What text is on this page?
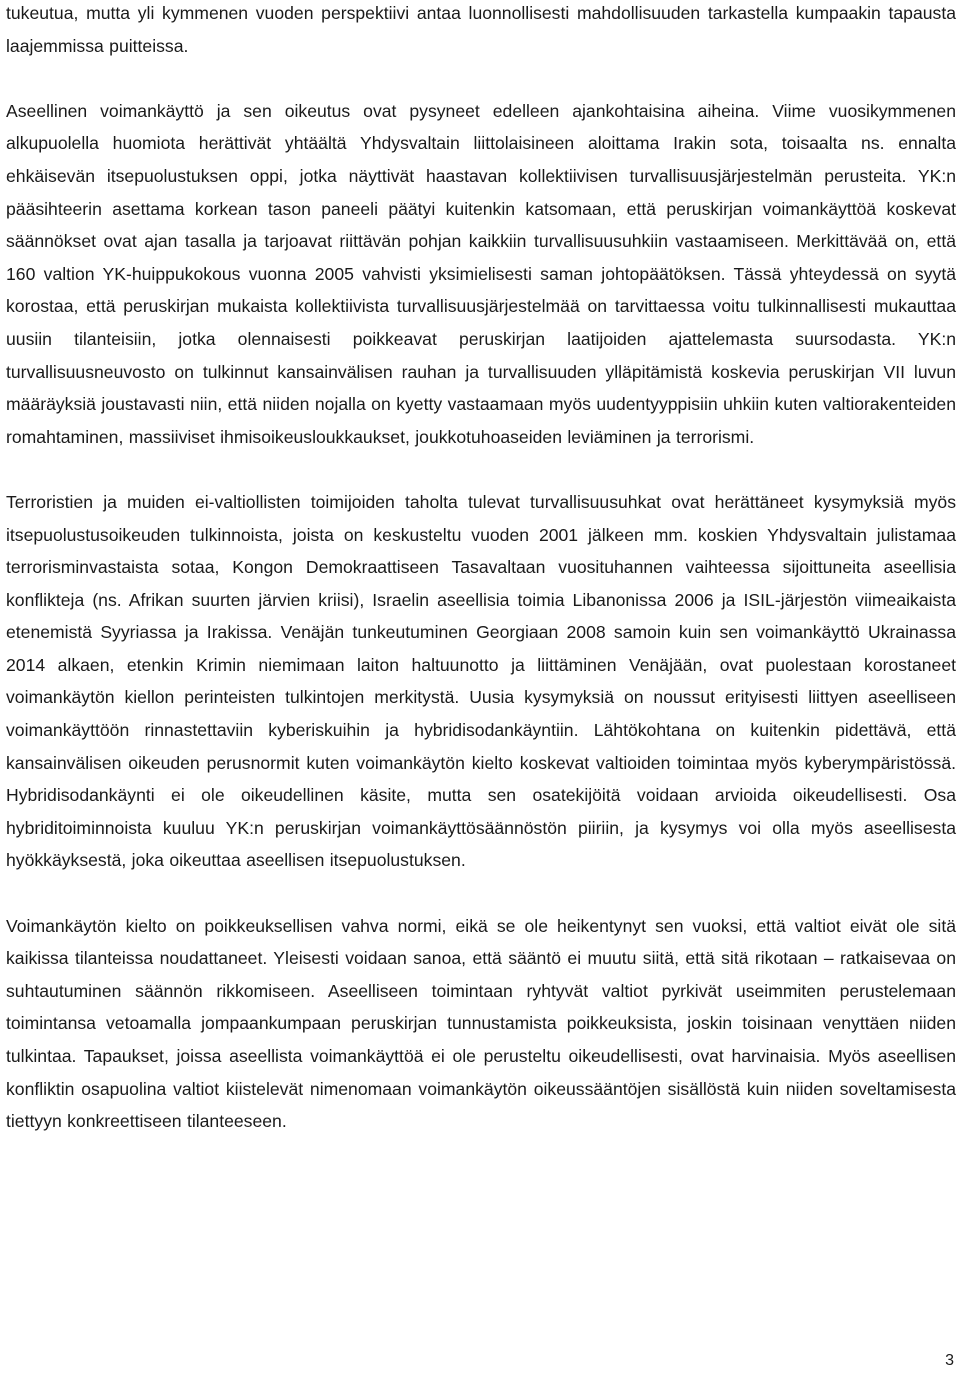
tukeutua, mutta yli kymmenen vuoden perspektiivi antaa luonnollisesti mahdollisuuden tarkastella kumpaakin tapausta laajemmissa puitteissa.

Aseellinen voimankäyttö ja sen oikeutus ovat pysyneet edelleen ajankohtaisina aiheina. Viime vuosikymmenen alkupuolella huomiota herättivät yhtäältä Yhdysvaltain liittolaisineen aloittama Irakin sota, toisaalta ns. ennalta ehkäisevän itsepuolustuksen oppi, jotka näyttivät haastavan kollektiivisen turvallisuusjärjestelmän perusteita. YK:n pääsihteerin asettama korkean tason paneeli päätyi kuitenkin katsomaan, että peruskirjan voimankäyttöä koskevat säännökset ovat ajan tasalla ja tarjoavat riittävän pohjan kaikkiin turvallisuusuhkiin vastaamiseen. Merkittävää on, että 160 valtion YK-huippukokous vuonna 2005 vahvisti yksimielisesti saman johtopäätöksen. Tässä yhteydessä on syytä korostaa, että peruskirjan mukaista kollektiivista turvallisuusjärjestelmää on tarvittaessa voitu tulkinnallisesti mukauttaa uusiin tilanteisiin, jotka olennaisesti poikkeavat peruskirjan laatijoiden ajattelemasta suursodasta. YK:n turvallisuusneuvosto on tulkinnut kansainvälisen rauhan ja turvallisuuden ylläpitämistä koskevia peruskirjan VII luvun määräyksiä joustavasti niin, että niiden nojalla on kyetty vastaamaan myös uudentyyppisiin uhkiin kuten valtiorakenteiden romahtaminen, massiiviset ihmisoikeusloukkaukset, joukkotuhoaseiden leviäminen ja terrorismi.

Terroristien ja muiden ei-valtiollisten toimijoiden taholta tulevat turvallisuusuhkat ovat herättäneet kysymyksiä myös itsepuolustusoikeuden tulkinnoista, joista on keskusteltu vuoden 2001 jälkeen mm. koskien Yhdysvaltain julistamaa terrorisminvastaista sotaa, Kongon Demokraattiseen Tasavaltaan vuosituhannen vaihteessa sijoittuneita aseellisia konflikteja (ns. Afrikan suurten järvien kriisi), Israelin aseellisia toimia Libanonissa 2006 ja ISIL-järjestön viimeaikaista etenemistä Syyriassa ja Irakissa. Venäjän tunkeutuminen Georgiaan 2008 samoin kuin sen voimankäyttö Ukrainassa 2014 alkaen, etenkin Krimin niemimaan laiton haltuunotto ja liittäminen Venäjään, ovat puolestaan korostaneet voimankäytön kiellon perinteisten tulkintojen merkitystä. Uusia kysymyksiä on noussut erityisesti liittyen aseelliseen voimankäyttöön rinnastettaviin kyberiskuihin ja hybridisodankäyntiin. Lähtökohtana on kuitenkin pidettävä, että kansainvälisen oikeuden perusnormit kuten voimankäytön kielto koskevat valtioiden toimintaa myös kyberympäristössä. Hybridisodankäynti ei ole oikeudellinen käsite, mutta sen osatekijöitä voidaan arvioida oikeudellisesti. Osa hybriditoiminnoista kuuluu YK:n peruskirjan voimankäyttösäännöstön piiriin, ja kysymys voi olla myös aseellisesta hyökkäyksestä, joka oikeuttaa aseellisen itsepuolustuksen.

Voimankäytön kielto on poikkeuksellisen vahva normi, eikä se ole heikentynyt sen vuoksi, että valtiot eivät ole sitä kaikissa tilanteissa noudattaneet. Yleisesti voidaan sanoa, että sääntö ei muutu siitä, että sitä rikotaan – ratkaisevaa on suhtautuminen säännön rikkomiseen. Aseelliseen toimintaan ryhtyvät valtiot pyrkivät useimmiten perustelemaan toimintansa vetoamalla jompaankumpaan peruskirjan tunnustamista poikkeuksista, joskin toisinaan venyttäen niiden tulkintaa. Tapaukset, joissa aseellista voimankäyttöä ei ole perusteltu oikeudellisesti, ovat harvinaisia. Myös aseellisen konfliktin osapuolina valtiot kiistelevät nimenomaan voimankäytön oikeussääntöjen sisällöstä kuin niiden soveltamisesta tiettyyn konkreettiseen tilanteeseen.

3
